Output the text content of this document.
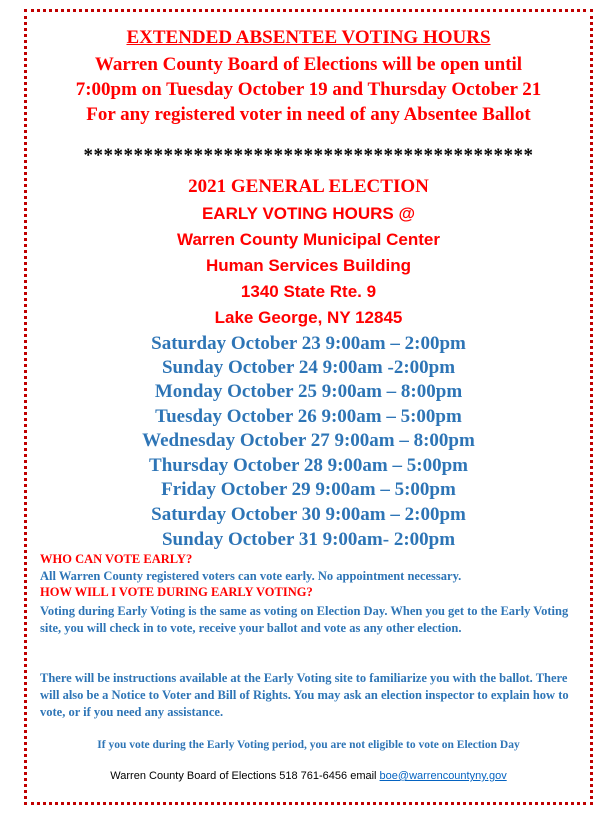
EXTENDED ABSENTEE VOTING HOURS
Warren County Board of Elections will be open until
7:00pm on Tuesday October 19 and Thursday October 21
For any registered voter in need of any Absentee Ballot
*********************************************
2021 GENERAL ELECTION
EARLY VOTING HOURS @
Warren County Municipal Center
Human Services Building
1340 State Rte. 9
Lake George, NY 12845
Saturday October 23 9:00am – 2:00pm
Sunday October 24 9:00am -2:00pm
Monday October 25 9:00am – 8:00pm
Tuesday October 26 9:00am – 5:00pm
Wednesday October 27 9:00am – 8:00pm
Thursday October 28 9:00am – 5:00pm
Friday October 29 9:00am – 5:00pm
Saturday October 30 9:00am – 2:00pm
Sunday October 31 9:00am- 2:00pm
WHO CAN VOTE EARLY?
All Warren County registered voters can vote early. No appointment necessary.
HOW WILL I VOTE DURING EARLY VOTING?
Voting during Early Voting is the same as voting on Election Day. When you get to the Early Voting site, you will check in to vote, receive your ballot and vote as any other election.
There will be instructions available at the Early Voting site to familiarize you with the ballot. There will also be a Notice to Voter and Bill of Rights. You may ask an election inspector to explain how to vote, or if you need any assistance.
If you vote during the Early Voting period, you are not eligible to vote on Election Day
Warren County Board of Elections 518 761-6456 email boe@warrencountyny.gov
